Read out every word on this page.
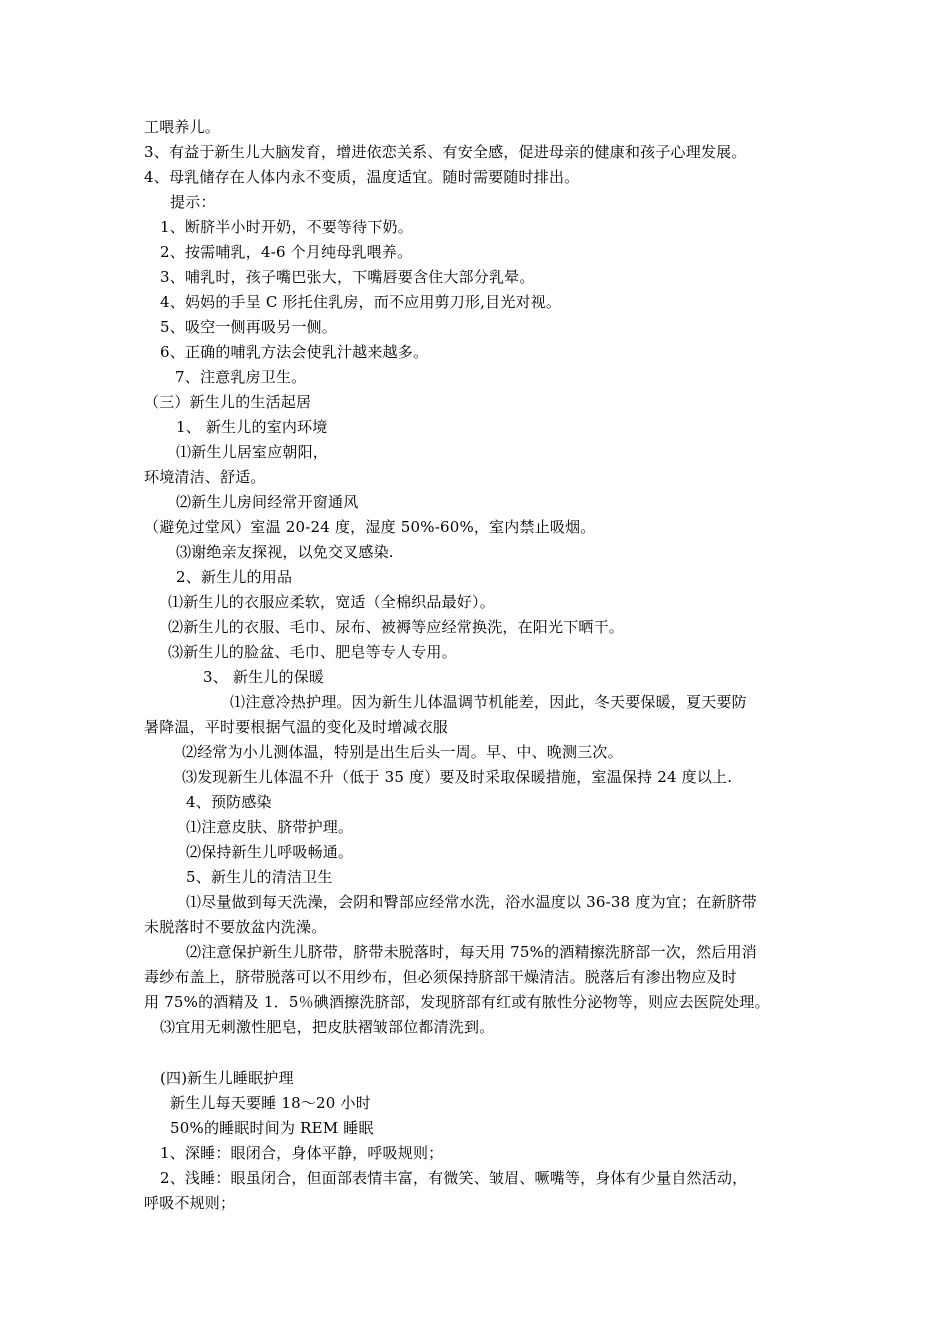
工喂养儿。
3、有益于新生儿大脑发育，增进依恋关系、有安全感，促进母亲的健康和孩子心理发展。
4、母乳储存在人体内永不变质，温度适宜。随时需要随时排出。
提示：
1、断脐半小时开奶，不要等待下奶。
2、按需哺乳，4-6 个月纯母乳喂养。
3、哺乳时，孩子嘴巴张大，下嘴唇要含住大部分乳晕。
4、妈妈的手呈 C 形托住乳房，而不应用剪刀形,目光对视。
5、吸空一侧再吸另一侧。
6、正确的哺乳方法会使乳汁越来越多。
7、注意乳房卫生。
（三）新生儿的生活起居
1、 新生儿的室内环境
⑴新生儿居室应朝阳，
环境清洁、舒适。
⑵新生儿房间经常开窗通风
（避免过堂风）室温 20-24 度，湿度 50%-60%，室内禁止吸烟。
⑶谢绝亲友探视，以免交叉感染.
2、新生儿的用品
⑴新生儿的衣服应柔软，宽适（全棉织品最好）。
⑵新生儿的衣服、毛巾、尿布、被褥等应经常换洗，在阳光下晒干。
⑶新生儿的脸盆、毛巾、肥皂等专人专用。
3、 新生儿的保暖
⑴注意冷热护理。因为新生儿体温调节机能差，因此，冬天要保暖，夏天要防
暑降温，平时要根据气温的变化及时增减衣服
⑵经常为小儿测体温，特别是出生后头一周。早、中、晚测三次。
⑶发现新生儿体温不升（低于 35 度）要及时采取保暖措施，室温保持 24 度以上.
4、预防感染
⑴注意皮肤、脐带护理。
⑵保持新生儿呼吸畅通。
5、新生儿的清洁卫生
⑴尽量做到每天洗澡，会阴和臀部应经常水洗，浴水温度以 36-38 度为宜；在新脐带
未脱落时不要放盆内洗澡。
⑵注意保护新生儿脐带，脐带未脱落时，每天用 75%的酒精擦洗脐部一次，然后用消
毒纱布盖上，脐带脱落可以不用纱布，但必须保持脐部干燥清洁。脱落后有渗出物应及时
用 75%的酒精及 1．5％碘酒擦洗脐部，发现脐部有红或有脓性分泌物等，则应去医院处理。
⑶宜用无刺激性肥皂，把皮肤褶皱部位都清洗到。
(四)新生儿睡眠护理
新生儿每天要睡 18～20 小时
50%的睡眠时间为 REM 睡眠
1、深睡：眼闭合，身体平静，呼吸规则；
2、浅睡：眼虽闭合，但面部表情丰富，有微笑、皱眉、噘嘴等，身体有少量自然活动，
呼吸不规则；
